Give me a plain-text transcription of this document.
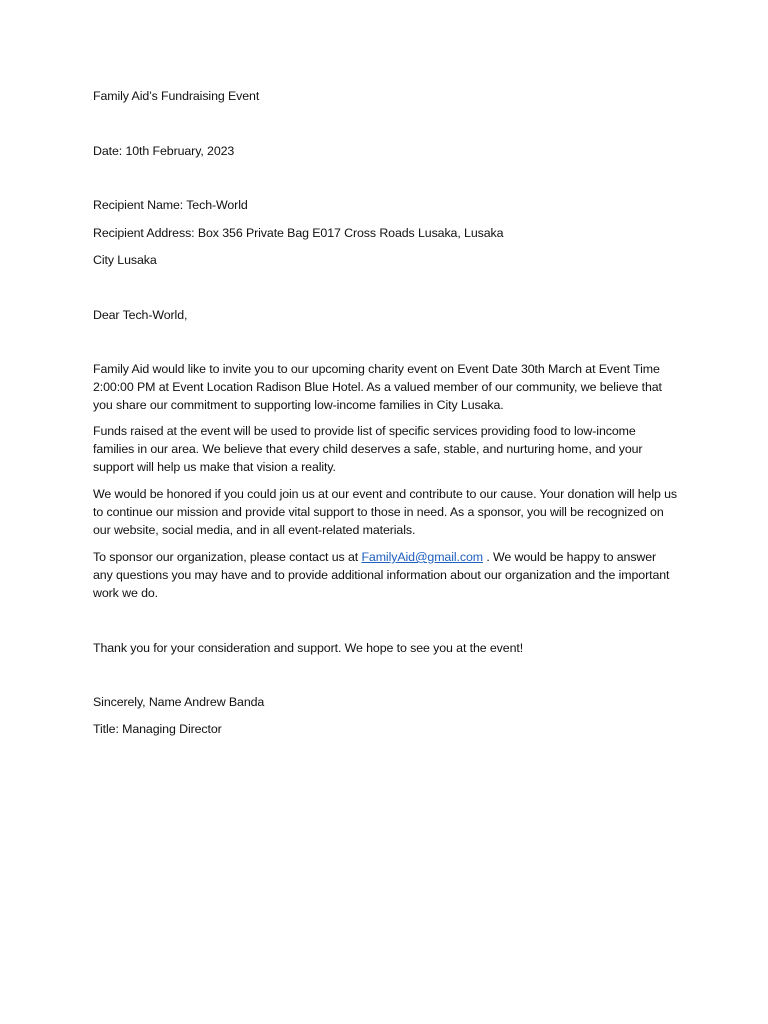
Family Aid’s Fundraising Event
Date: 10th February, 2023
Recipient Name: Tech-World
Recipient Address: Box 356 Private Bag E017 Cross Roads Lusaka, Lusaka
City Lusaka
Dear Tech-World,
Family Aid would like to invite you to our upcoming charity event on Event Date 30th March at Event Time 2:00:00 PM at Event Location Radison Blue Hotel. As a valued member of our community, we believe that you share our commitment to supporting low-income families in City Lusaka.
Funds raised at the event will be used to provide list of specific services providing food to low-income families in our area. We believe that every child deserves a safe, stable, and nurturing home, and your support will help us make that vision a reality.
We would be honored if you could join us at our event and contribute to our cause. Your donation will help us to continue our mission and provide vital support to those in need. As a sponsor, you will be recognized on our website, social media, and in all event-related materials.
To sponsor our organization, please contact us at FamilyAid@gmail.com . We would be happy to answer any questions you may have and to provide additional information about our organization and the important work we do.
Thank you for your consideration and support. We hope to see you at the event!
Sincerely, Name Andrew Banda
Title: Managing Director
